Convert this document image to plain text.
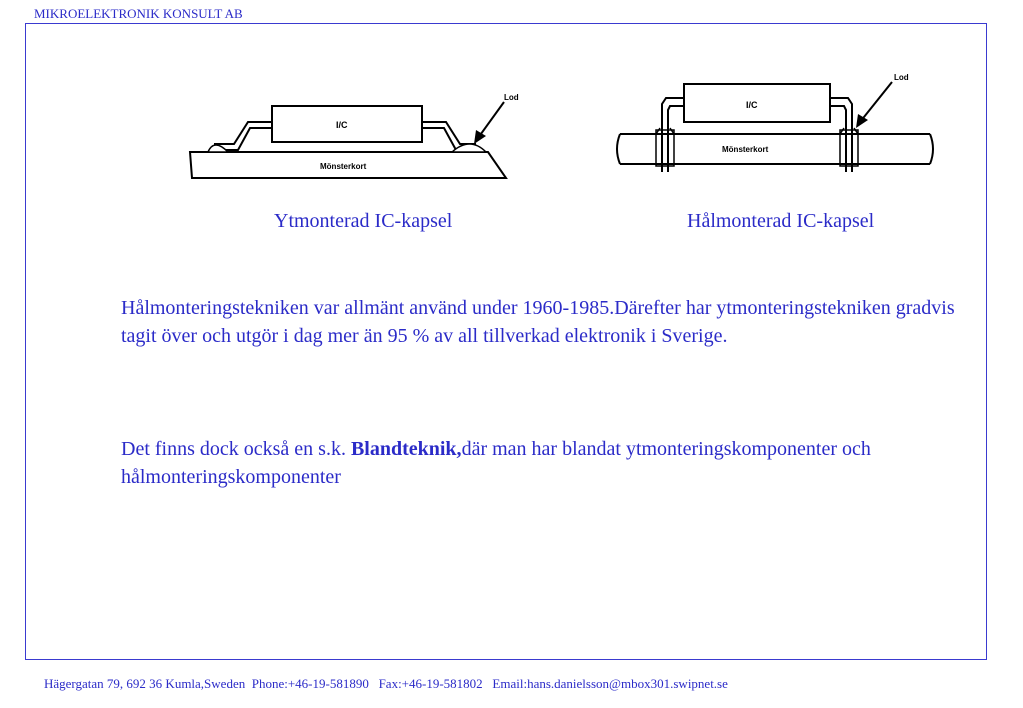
MIKROELEKTRONIK KONSULT AB
I/C
Mönsterkort
Lod
I/C
Mönsterkort
Lod
Ytmonterad IC-kapsel	Hålmonterad IC-kapsel
Hålmonteringstekniken var allmänt använd under 1960-1985.Därefter har ytmonteringstekniken gradvis tagit över och utgör i dag mer än 95 % av all tillverkad elektronik i Sverige.
Det finns dock också en s.k. Blandteknik,där man har blandat ytmonteringskomponenter och hålmonteringskomponenter
Hägergatan 79, 692 36 Kumla,Sweden  Phone:+46-19-581890   Fax:+46-19-581802   Email:hans.danielsson@mbox301.swipnet.se
